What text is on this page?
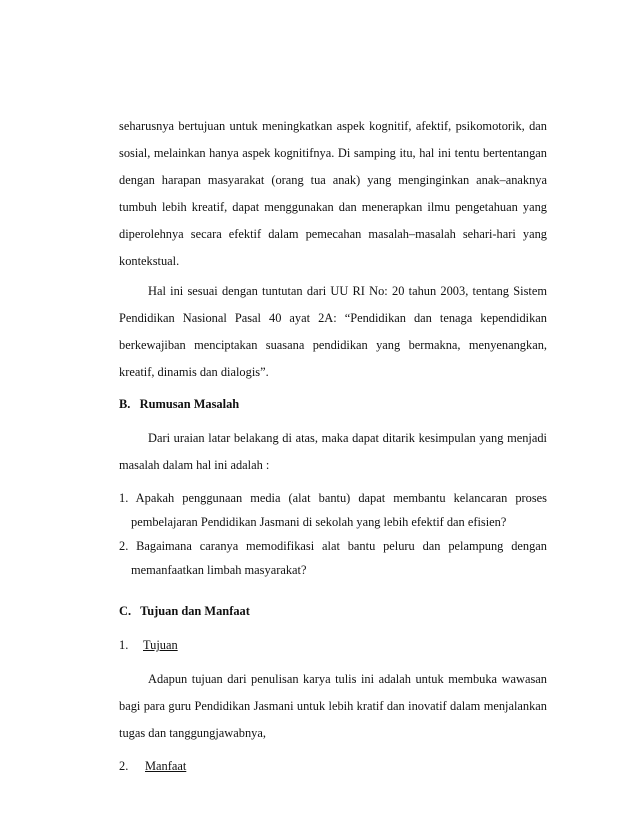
seharusnya bertujuan untuk meningkatkan aspek kognitif, afektif, psikomotorik, dan
sosial, melainkan hanya aspek kognitifnya. Di samping itu, hal ini tentu bertentangan
dengan harapan masyarakat (orang tua anak) yang menginginkan anak–anaknya
tumbuh lebih kreatif, dapat menggunakan dan menerapkan ilmu pengetahuan yang
diperolehnya secara efektif dalam pemecahan masalah–masalah sehari-hari yang
kontekstual.
Hal ini sesuai dengan tuntutan dari UU RI No: 20 tahun 2003, tentang Sistem
Pendidikan Nasional Pasal 40 ayat 2A: “Pendidikan dan tenaga kependidikan
berkewajiban menciptakan suasana pendidikan yang bermakna, menyenangkan,
kreatif, dinamis dan dialogis”.
B.   Rumusan Masalah
Dari uraian latar belakang di atas, maka dapat ditarik kesimpulan yang menjadi
masalah dalam hal ini adalah :
1. Apakah penggunaan media (alat bantu) dapat membantu kelancaran proses
pembelajaran Pendidikan Jasmani di sekolah yang lebih efektif dan efisien?
2. Bagaimana caranya memodifikasi alat bantu peluru dan pelampung dengan
memanfaatkan limbah masyarakat?
C.   Tujuan dan Manfaat
1. Tujuan
Adapun tujuan dari penulisan karya tulis ini adalah untuk membuka wawasan
bagi para guru Pendidikan Jasmani untuk lebih kratif dan inovatif dalam menjalankan
tugas dan tanggungjawabnya,
2. Manfaat
